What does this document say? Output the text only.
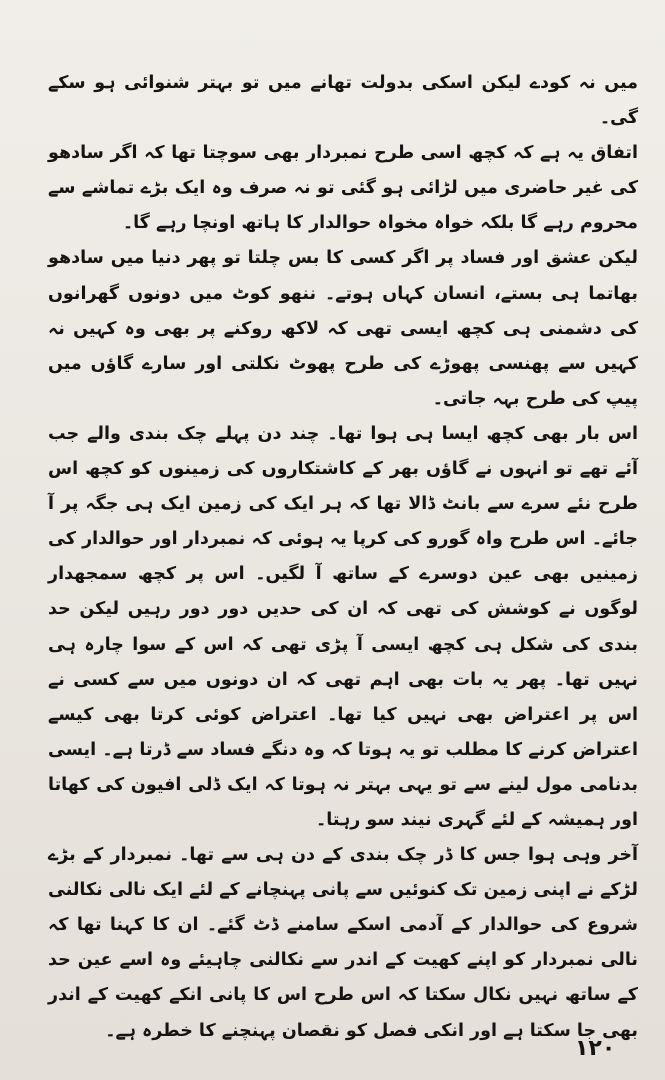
میں نہ کودے لیکن اسکی بدولت تھانے میں تو بہتر شنوائی ہو سکے گی۔

اتفاق یہ ہے کہ کچھ اسی طرح نمبردار بھی سوچتا تھا کہ اگر سادھو کی غیر حاضری میں لڑائی ہو گئی تو نہ صرف وہ ایک بڑے تماشے سے محروم رہے گا بلکہ خواہ مخواہ حوالدار کا ہاتھ اونچا رہے گا۔

لیکن عشق اور فساد پر اگر کسی کا بس چلتا تو پھر دنیا میں سادھو بھاتما ہی بستے، انسان کہاں ہوتے۔ ننھو کوٹ میں دونوں گھرانوں کی دشمنی ہی کچھ ایسی تھی کہ لاکھ روکنے پر بھی وہ کہیں نہ کہیں سے پھنسی پھوڑے کی طرح پھوٹ نکلتی اور سارے گاؤں میں پیپ کی طرح بہہ جاتی۔

اس بار بھی کچھ ایسا ہی ہوا تھا۔ چند دن پہلے چک بندی والے جب آئے تھے تو انہوں نے گاؤں بھر کے کاشتکاروں کی زمینوں کو کچھ اس طرح نئے سرے سے بانٹ ڈالا تھا کہ ہر ایک کی زمین ایک ہی جگہ پر آ جائے۔ اس طرح واہ گورو کی کرپا یہ ہوئی کہ نمبردار اور حوالدار کی زمینیں بھی عین دوسرے کے ساتھ آ لگیں۔ اس پر کچھ سمجھدار لوگوں نے کوشش کی تھی کہ ان کی حدیں دور دور رہیں لیکن حد بندی کی شکل ہی کچھ ایسی آ پڑی تھی کہ اس کے سوا چارہ ہی نہیں تھا۔ پھر یہ بات بھی اہم تھی کہ ان دونوں میں سے کسی نے اس پر اعتراض بھی نہیں کیا تھا۔ اعتراض کوئی کرتا بھی کیسے اعتراض کرنے کا مطلب تو یہ ہوتا کہ وہ دنگے فساد سے ڈرتا ہے۔ ایسی بدنامی مول لینے سے تو یہی بہتر نہ ہوتا کہ ایک ڈلی افیون کی کھاتا اور ہمیشہ کے لئے گہری نیند سو رہتا۔

آخر وہی ہوا جس کا ڈر چک بندی کے دن ہی سے تھا۔ نمبردار کے بڑے لڑکے نے اپنی زمین تک کنوئیں سے پانی پہنچانے کے لئے ایک نالی نکالنی شروع کی حوالدار کے آدمی اسکے سامنے ڈٹ گئے۔ ان کا کہنا تھا کہ نالی نمبردار کو اپنے کھیت کے اندر سے نکالنی چاہیئے وہ اسے عین حد کے ساتھ نہیں نکال سکتا کہ اس طرح اس کا پانی انکے کھیت کے اندر بھی جا سکتا ہے اور انکی فصل کو نقصان پہنچنے کا خطرہ ہے۔

۱۲۰
